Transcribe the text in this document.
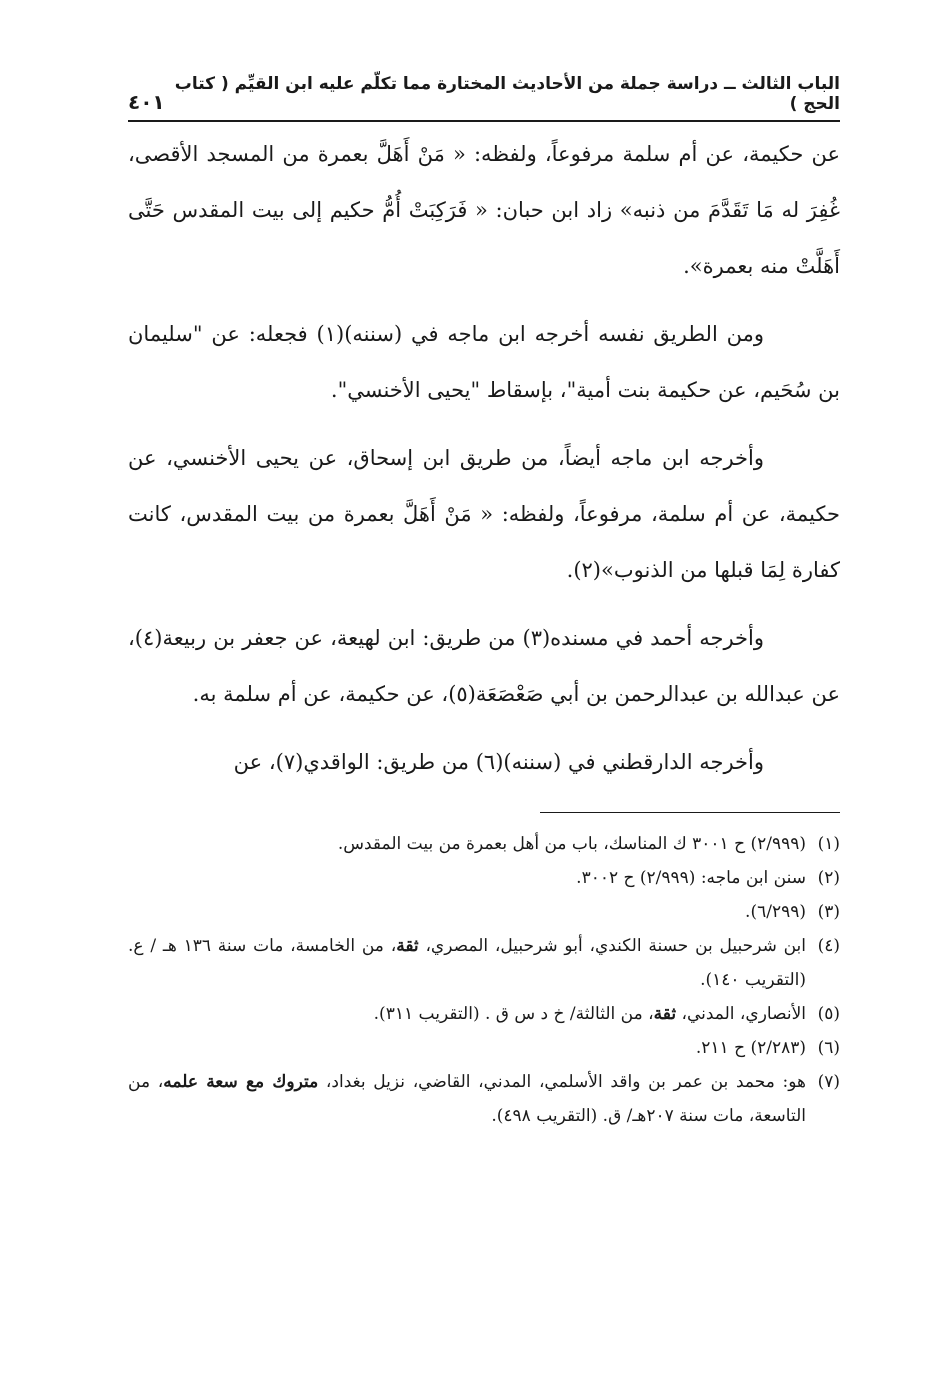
الباب الثالث ــ دراسة جملة من الأحاديث المختارة مما تكلّم عليه ابن القيِّم ( كتاب الحج )
٤٠١

عن حكيمة، عن أم سلمة مرفوعاً، ولفظه: « مَنْ أَهَلَّ بعمرة من المسجد الأقصى، غُفِرَ له مَا تَقَدَّمَ من ذنبه» زاد ابن حبان: « فَرَكِبَتْ أُمُّ حكيم إلى بيت المقدس حَتَّى أَهَلَّتْ منه بعمرة».

ومن الطريق نفسه أخرجه ابن ماجه في (سننه)(١) فجعله: عن "سليمان بن سُحَيم، عن حكيمة بنت أمية"، بإسقاط "يحيى الأخنسي".

وأخرجه ابن ماجه أيضاً، من طريق ابن إسحاق، عن يحيى الأخنسي، عن حكيمة، عن أم سلمة، مرفوعاً، ولفظه: « مَنْ أَهَلَّ بعمرة من بيت المقدس، كانت كفارة لِمَا قبلها من الذنوب»(٢).

وأخرجه أحمد في مسنده(٣) من طريق: ابن لهيعة، عن جعفر بن ربيعة(٤)، عن عبدالله بن عبدالرحمن بن أبي صَعْصَعَة(٥)، عن حكيمة، عن أم سلمة به.

وأخرجه الدارقطني في (سننه)(٦) من طريق: الواقدي(٧)، عن

(١)
(٢/٩٩٩) ح ٣٠٠١ ك المناسك، باب من أهل بعمرة من بيت المقدس.
(٢)
سنن ابن ماجه: (٢/٩٩٩) ح ٣٠٠٢.
(٣)
(٦/٢٩٩).
(٤)
ابن شرحبيل بن حسنة الكندي، أبو شرحبيل، المصري، ثقة، من الخامسة، مات سنة ١٣٦ هـ / ع. (التقريب ١٤٠).
(٥)
الأنصاري، المدني، ثقة، من الثالثة/ خ د س ق . (التقريب ٣١١).
(٦)
(٢/٢٨٣) ح ٢١١.
(٧)
هو: محمد بن عمر بن واقد الأسلمي، المدني، القاضي، نزيل بغداد، متروك مع سعة علمه، من التاسعة، مات سنة ٢٠٧هـ/ ق. (التقريب ٤٩٨).
